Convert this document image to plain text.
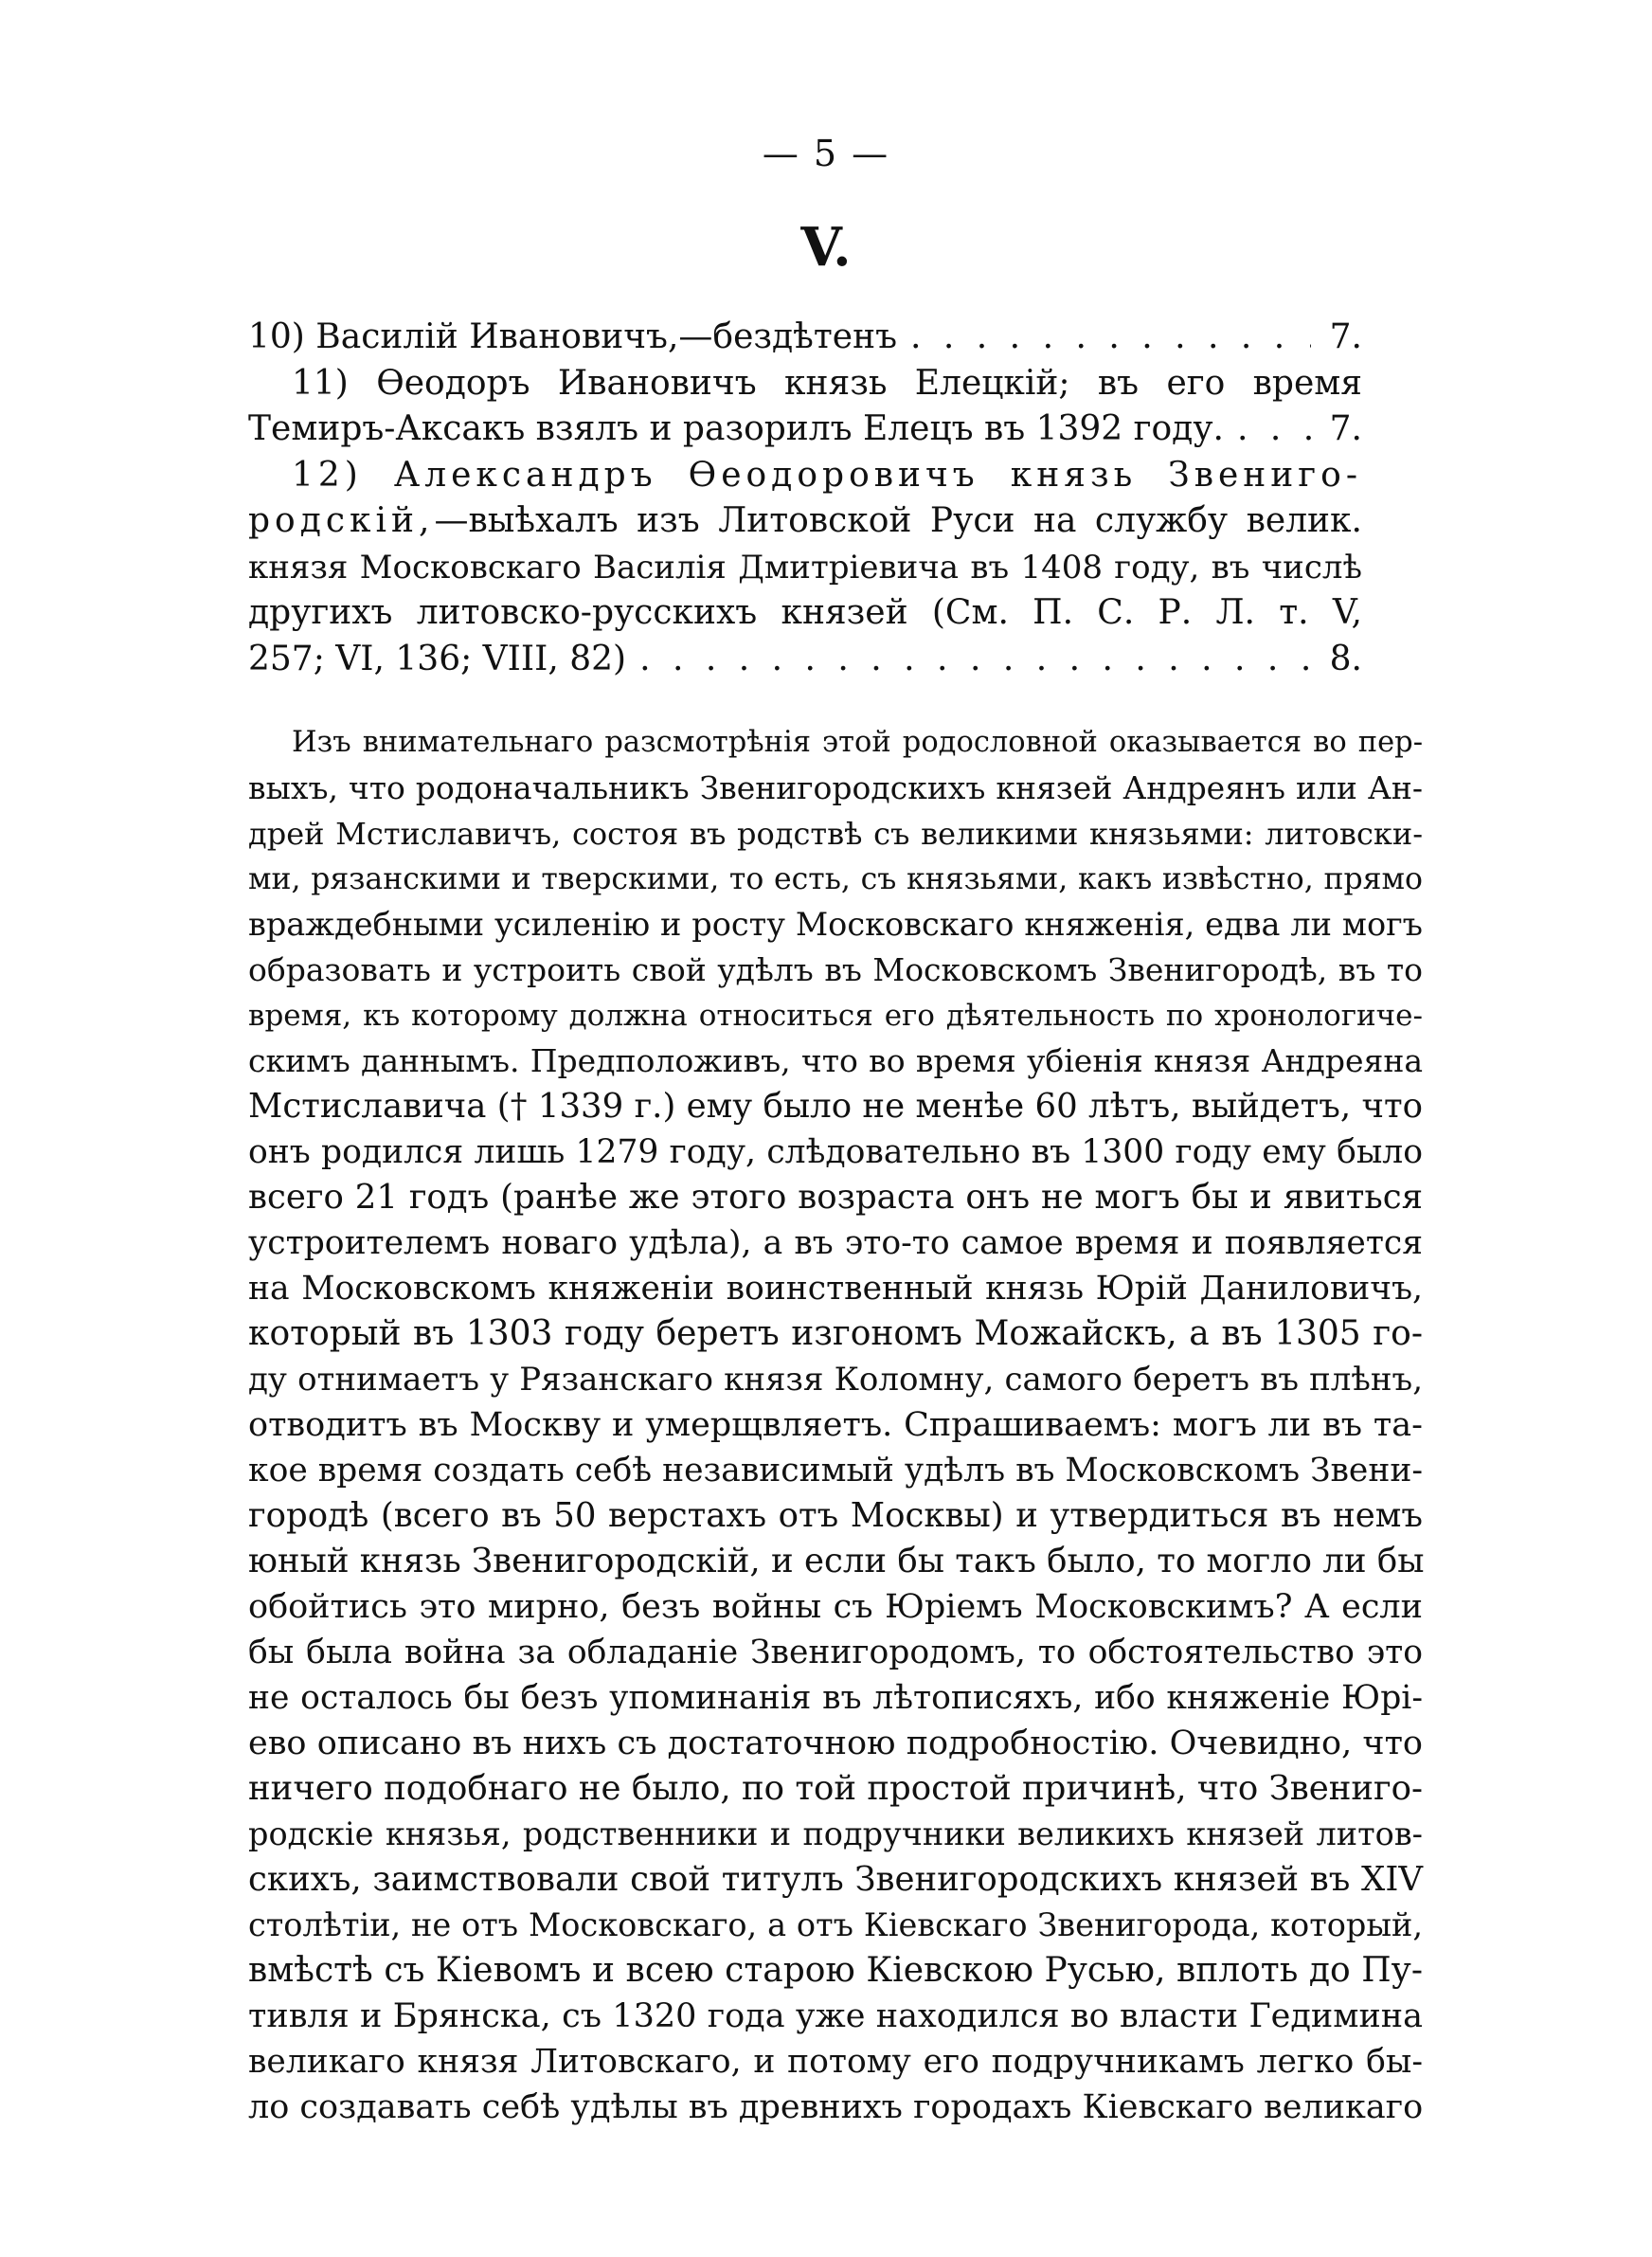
— 5 —
V.
10) Василій Ивановичъ,—бездѣтенъ . . .	7.
11) Өеодоръ Ивановичъ князь Елецкій; въ его время
Темиръ-Аксакъ взялъ и разорилъ Елецъ въ 1392 году. . . .	7.
12) Александръ Өеодоровичъ князь Звениго-
родскій,—выѣхалъ изъ Литовской Руси на службу велик.
князя Московскаго Василія Дмитріевича въ 1408 году, въ числѣ
другихъ литовско-русскихъ князей (См. П. С. Р. Л. т. V,
257; VI, 136; VIII, 82) . . .	8.
Изъ внимательнаго разсмотрѣнія этой родословной оказывается во пер-
выхъ, что родоначальникъ Звенигородскихъ князей Андреянъ или Ан-
дрей Мстиславичъ, состоя въ родствѣ съ великими князьями: литовски-
ми, рязанскими и тверскими, то есть, съ князьями, какъ извѣстно, прямо
враждебными усиленію и росту Московскаго княженія, едва ли могъ
образовать и устроить свой удѣлъ въ Московскомъ Звенигородѣ, въ то
время, къ которому должна относиться его дѣятельность по хронологиче-
скимъ даннымъ. Предположивъ, что во время убіенія князя Андреяна
Мстиславича († 1339 г.) ему было не менѣе 60 лѣтъ, выйдетъ, что
онъ родился лишь 1279 году, слѣдовательно въ 1300 году ему было
всего 21 годъ (ранѣе же этого возраста онъ не могъ бы и явиться
устроителемъ новаго удѣла), а въ это-то самое время и появляется
на Московскомъ княженіи воинственный князь Юрій Даниловичъ,
который въ 1303 году беретъ изгономъ Можайскъ, а въ 1305 го-
ду отнимаетъ у Рязанскаго князя Коломну, самого беретъ въ плѣнъ,
отводитъ въ Москву и умерщвляетъ. Спрашиваемъ: могъ ли въ та-
кое время создать себѣ независимый удѣлъ въ Московскомъ Звени-
городѣ (всего въ 50 верстахъ отъ Москвы) и утвердиться въ немъ
юный князь Звенигородскій, и если бы такъ было, то могло ли бы
обойтись это мирно, безъ войны съ Юріемъ Московскимъ? А если
бы была война за обладаніе Звенигородомъ, то обстоятельство это
не осталось бы безъ упоминанія въ лѣтописяхъ, ибо княженіе Юрі-
ево описано въ нихъ съ достаточною подробностію. Очевидно, что
ничего подобнаго не было, по той простой причинѣ, что Звениго-
родскіе князья, родственники и подручники великихъ князей литов-
скихъ, заимствовали свой титулъ Звенигородскихъ князей въ XIV
столѣтіи, не отъ Московскаго, а отъ Кіевскаго Звенигорода, который,
вмѣстѣ съ Кіевомъ и всею старою Кіевскою Русью, вплоть до Пу-
тивля и Брянска, съ 1320 года уже находился во власти Гедимина
великаго князя Литовскаго, и потому его подручникамъ легко бы-
ло создавать себѣ удѣлы въ древнихъ городахъ Кіевскаго великаго
